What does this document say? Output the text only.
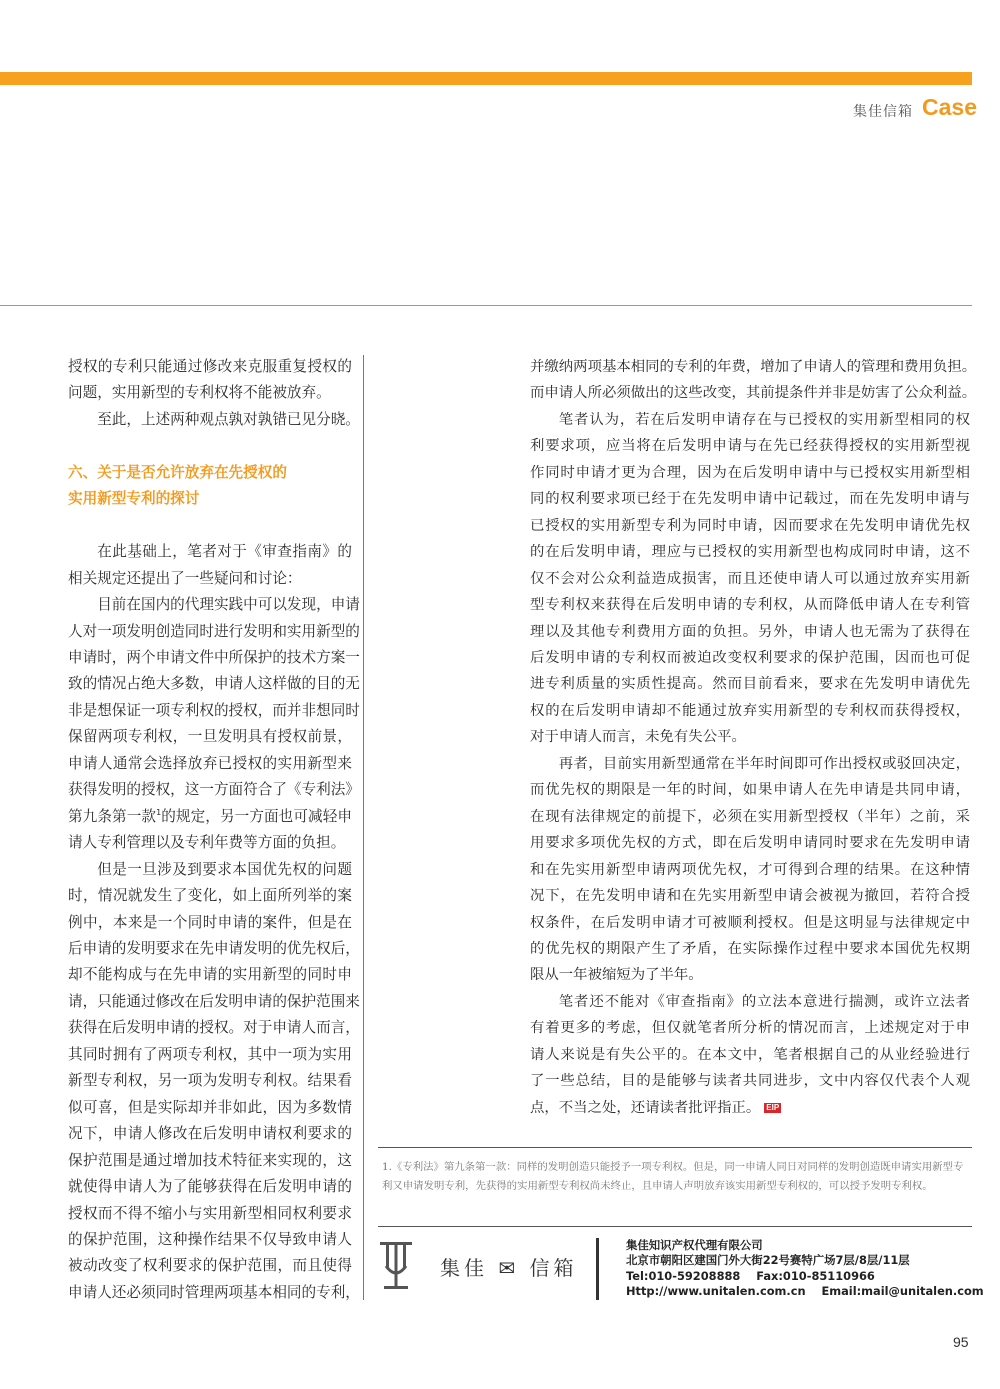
集佳信箱 Case
授权的专利只能通过修改来克服重复授权的
问题，实用新型的专利权将不能被放弃。
至此，上述两种观点孰对孰错已见分晓。
六、关于是否允许放弃在先授权的
实用新型专利的探讨
在此基础上，笔者对于《审查指南》的
相关规定还提出了一些疑问和讨论：
目前在国内的代理实践中可以发现，申请
人对一项发明创造同时进行发明和实用新型的
申请时，两个申请文件中所保护的技术方案一
致的情况占绝大多数，申请人这样做的目的无
非是想保证一项专利权的授权，而并非想同时
保留两项专利权，一旦发明具有授权前景，
申请人通常会选择放弃已授权的实用新型来
获得发明的授权，这一方面符合了《专利法》
第九条第一款$^1$的规定，另一方面也可减轻申
请人专利管理以及专利年费等方面的负担。
但是一旦涉及到要求本国优先权的问题
时，情况就发生了变化，如上面所列举的案
例中，本来是一个同时申请的案件，但是在
后申请的发明要求在先申请发明的优先权后，
却不能构成与在先申请的实用新型的同时申
请，只能通过修改在后发明申请的保护范围来
获得在后发明申请的授权。对于申请人而言，
其同时拥有了两项专利权，其中一项为实用
新型专利权，另一项为发明专利权。结果看
似可喜，但是实际却并非如此，因为多数情
况下，申请人修改在后发明申请权利要求的
保护范围是通过增加技术特征来实现的，这
就使得申请人为了能够获得在后发明申请的
授权而不得不缩小与实用新型相同权利要求
的保护范围，这种操作结果不仅导致申请人
被动改变了权利要求的保护范围，而且使得
申请人还必须同时管理两项基本相同的专利，
并缴纳两项基本相同的专利的年费，增加了申请人的管理和费用负担。
而申请人所必须做出的这些改变，其前提条件并非是妨害了公众利益。
笔者认为，若在后发明申请存在与已授权的实用新型相同的权
利要求项，应当将在后发明申请与在先已经获得授权的实用新型视
作同时申请才更为合理，因为在后发明申请中与已授权实用新型相
同的权利要求项已经于在先发明申请中记载过，而在先发明申请与
已授权的实用新型专利为同时申请，因而要求在先发明申请优先权
的在后发明申请，理应与已授权的实用新型也构成同时申请，这不
仅不会对公众利益造成损害，而且还使申请人可以通过放弃实用新
型专利权来获得在后发明申请的专利权，从而降低申请人在专利管
理以及其他专利费用方面的负担。另外，申请人也无需为了获得在
后发明申请的专利权而被迫改变权利要求的保护范围，因而也可促
进专利质量的实质性提高。然而目前看来，要求在先发明申请优先
权的在后发明申请却不能通过放弃实用新型的专利权而获得授权，
对于申请人而言，未免有失公平。
再者，目前实用新型通常在半年时间即可作出授权或驳回决定，
而优先权的期限是一年的时间，如果申请人在先申请是共同申请，
在现有法律规定的前提下，必须在实用新型授权（半年）之前，采
用要求多项优先权的方式，即在后发明申请同时要求在先发明申请
和在先实用新型申请两项优先权，才可得到合理的结果。在这种情
况下，在先发明申请和在先实用新型申请会被视为撤回，若符合授
权条件，在后发明申请才可被顺利授权。但是这明显与法律规定中
的优先权的期限产生了矛盾，在实际操作过程中要求本国优先权期
限从一年被缩短为了半年。
笔者还不能对《审查指南》的立法本意进行揣测，或许立法者
有着更多的考虑，但仅就笔者所分析的情况而言，上述规定对于申
请人来说是有失公平的。在本文中，笔者根据自己的从业经验进行
了一些总结，目的是能够与读者共同进步，文中内容仅代表个人观
点，不当之处，还请读者批评指正。 EIP
1.《专利法》第九条第一款：同样的发明创造只能授予一项专利权。但是，同一申请人同日对同样的发明创造既申请实用新型专利又申请发明专利，先获得的实用新型专利权尚未终止，且申请人声明放弃该实用新型专利权的，可以授予发明专利权。
集佳 ✉ 信箱
集佳知识产权代理有限公司
北京市朝阳区建国门外大街22号赛特广场7层/8层/11层
Tel:010-59208888 Fax:010-85110966
Http://www.unitalen.com.cn Email:mail@unitalen.com
95
